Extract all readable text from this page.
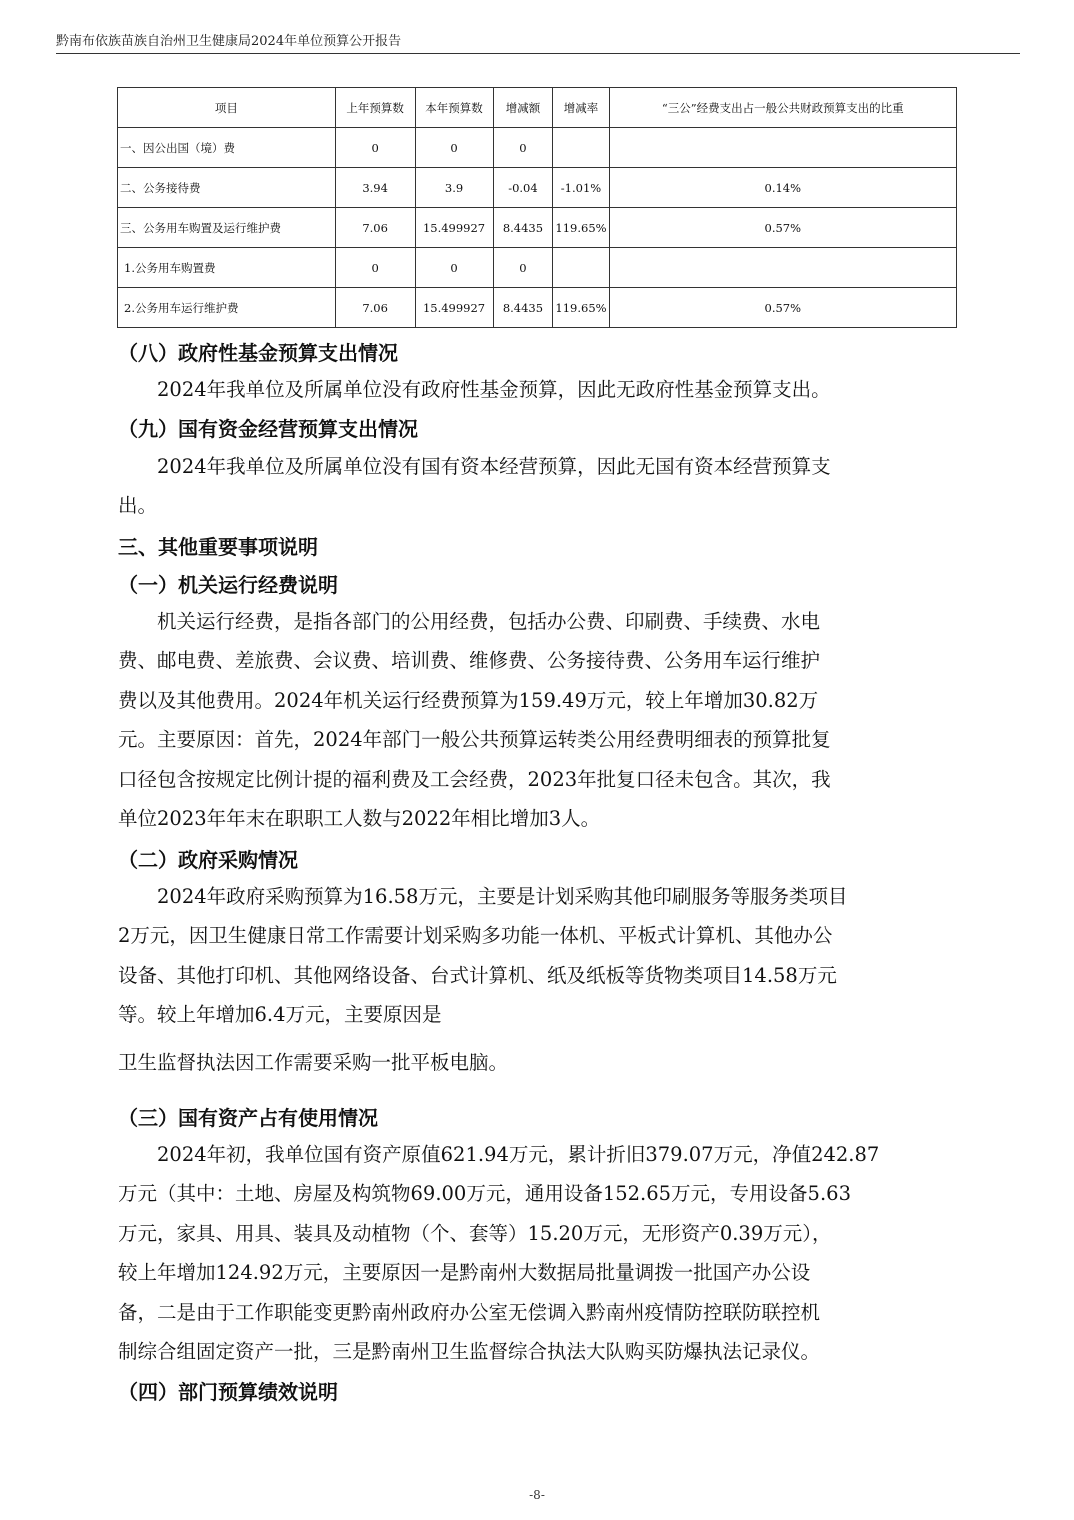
黔南布依族苗族自治州卫生健康局2024年单位预算公开报告
项目	上年预算数	本年预算数	增减额	增减率	“三公”经费支出占一般公共财政预算支出的比重
一、因公出国（境）费	0	0	0		
二、公务接待费	3.94	3.9	-0.04	-1.01%	0.14%
三、公务用车购置及运行维护费	7.06	15.499927	8.4435	119.65%	0.57%
1.公务用车购置费	0	0	0		
2.公务用车运行维护费	7.06	15.499927	8.4435	119.65%	0.57%
（八）政府性基金预算支出情况
2024年我单位及所属单位没有政府性基金预算，因此无政府性基金预算支出。
（九）国有资金经营预算支出情况
2024年我单位及所属单位没有国有资本经营预算，因此无国有资本经营预算支
出。
三、其他重要事项说明
（一）机关运行经费说明
机关运行经费，是指各部门的公用经费，包括办公费、印刷费、手续费、水电
费、邮电费、差旅费、会议费、培训费、维修费、公务接待费、公务用车运行维护
费以及其他费用。2024年机关运行经费预算为159.49万元，较上年增加30.82万
元。主要原因：首先，2024年部门一般公共预算运转类公用经费明细表的预算批复
口径包含按规定比例计提的福利费及工会经费，2023年批复口径未包含。其次，我
单位2023年年末在职职工人数与2022年相比增加3人。
（二）政府采购情况
2024年政府采购预算为16.58万元，主要是计划采购其他印刷服务等服务类项目
2万元，因卫生健康日常工作需要计划采购多功能一体机、平板式计算机、其他办公
设备、其他打印机、其他网络设备、台式计算机、纸及纸板等货物类项目14.58万元
等。较上年增加6.4万元，主要原因是
卫生监督执法因工作需要采购一批平板电脑。
（三）国有资产占有使用情况
2024年初，我单位国有资产原值621.94万元，累计折旧379.07万元，净值242.87
万元（其中：土地、房屋及构筑物69.00万元，通用设备152.65万元，专用设备5.63
万元，家具、用具、装具及动植物（个、套等）15.20万元，无形资产0.39万元），
较上年增加124.92万元，主要原因一是黔南州大数据局批量调拨一批国产办公设
备，二是由于工作职能变更黔南州政府办公室无偿调入黔南州疫情防控联防联控机
制综合组固定资产一批，三是黔南州卫生监督综合执法大队购买防爆执法记录仪。
（四）部门预算绩效说明
-8-
